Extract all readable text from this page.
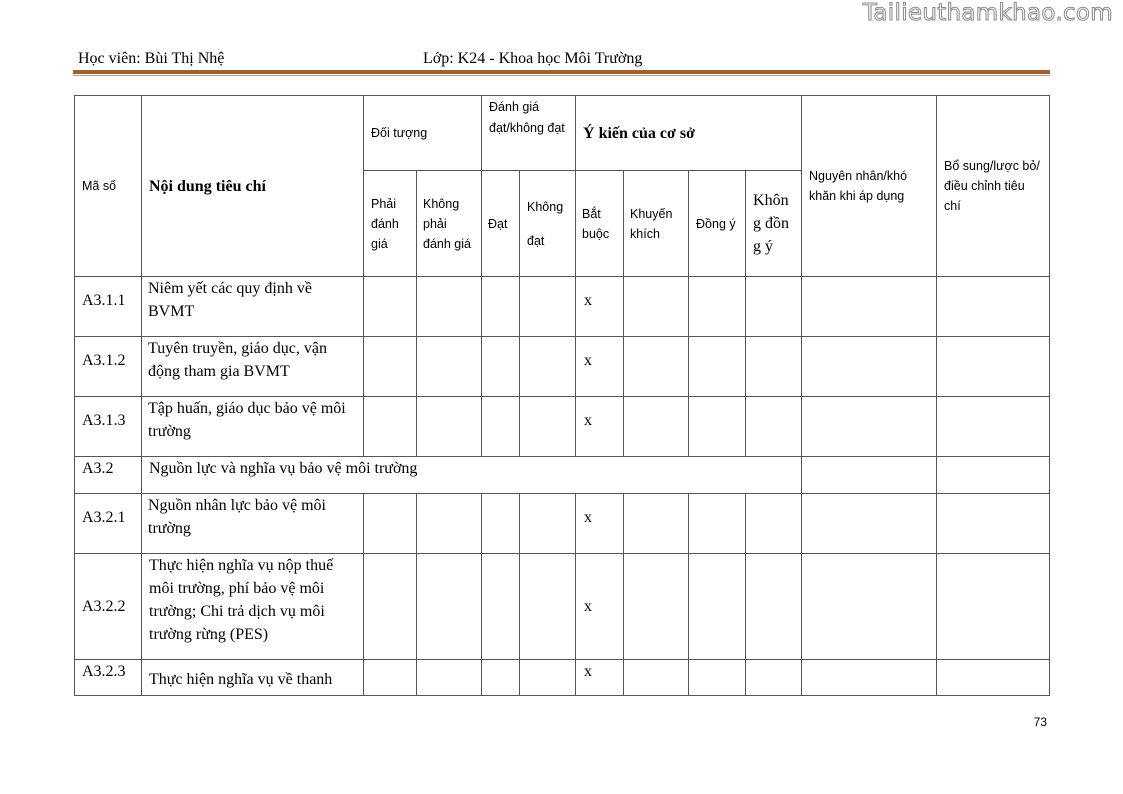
Tailieuthamkhao.com
Học viên: Bùi Thị Nhệ	Lớp: K24 - Khoa học Môi Trường
Mã số	Nội dung tiêu chí	Đối tượng		Đánh giá đạt/không đạt		Ý kiến của cơ sở				Nguyên nhân/khó khăn khi áp dụng	Bổ sung/lược bỏ/điều chỉnh tiêu chí
		Phải đánh giá	Không phải đánh giá	Đạt	Không đạt	Bắt buộc	Khuyến khích	Đồng ý	Không đồng ý		
A3.1.1	Niêm yết các quy định về BVMT					x					
A3.1.2	Tuyên truyền, giáo dục, vận động tham gia BVMT					x					
A3.1.3	Tập huấn, giáo dục bảo vệ môi trường					x					
A3.2	Nguồn lực và nghĩa vụ bảo vệ môi trường										
A3.2.1	Nguồn nhân lực bảo vệ môi trường					x					
A3.2.2	Thực hiện nghĩa vụ nộp thuế môi trường, phí bảo vệ môi trường; Chi trả dịch vụ môi trường rừng (PES)					x					
A3.2.3	Thực hiện nghĩa vụ về thanh					x					
73
